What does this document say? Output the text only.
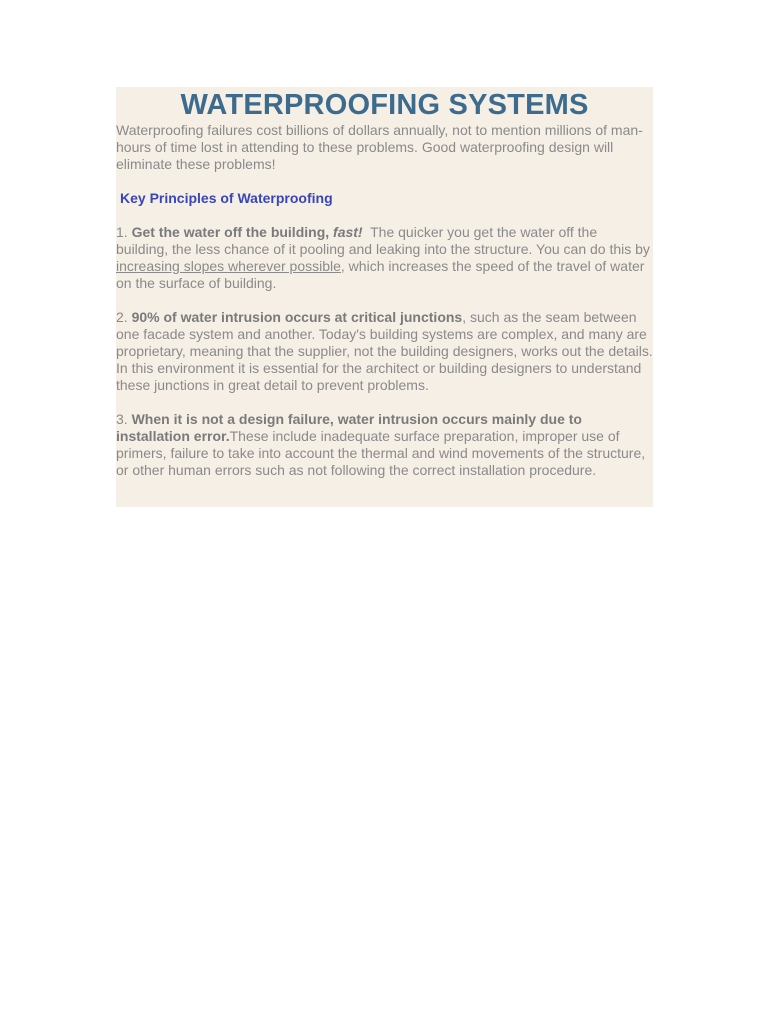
WATERPROOFING SYSTEMS

Waterproofing failures cost billions of dollars annually, not to mention millions of man-hours of time lost in attending to these problems. Good waterproofing design will eliminate these problems!

Key Principles of Waterproofing

1. Get the water off the building, fast! The quicker you get the water off the building, the less chance of it pooling and leaking into the structure. You can do this by increasing slopes wherever possible, which increases the speed of the travel of water on the surface of building.

2. 90% of water intrusion occurs at critical junctions, such as the seam between one facade system and another. Today's building systems are complex, and many are proprietary, meaning that the supplier, not the building designers, works out the details. In this environment it is essential for the architect or building designers to understand these junctions in great detail to prevent problems.

3. When it is not a design failure, water intrusion occurs mainly due to installation error.These include inadequate surface preparation, improper use of primers, failure to take into account the thermal and wind movements of the structure, or other human errors such as not following the correct installation procedure.
